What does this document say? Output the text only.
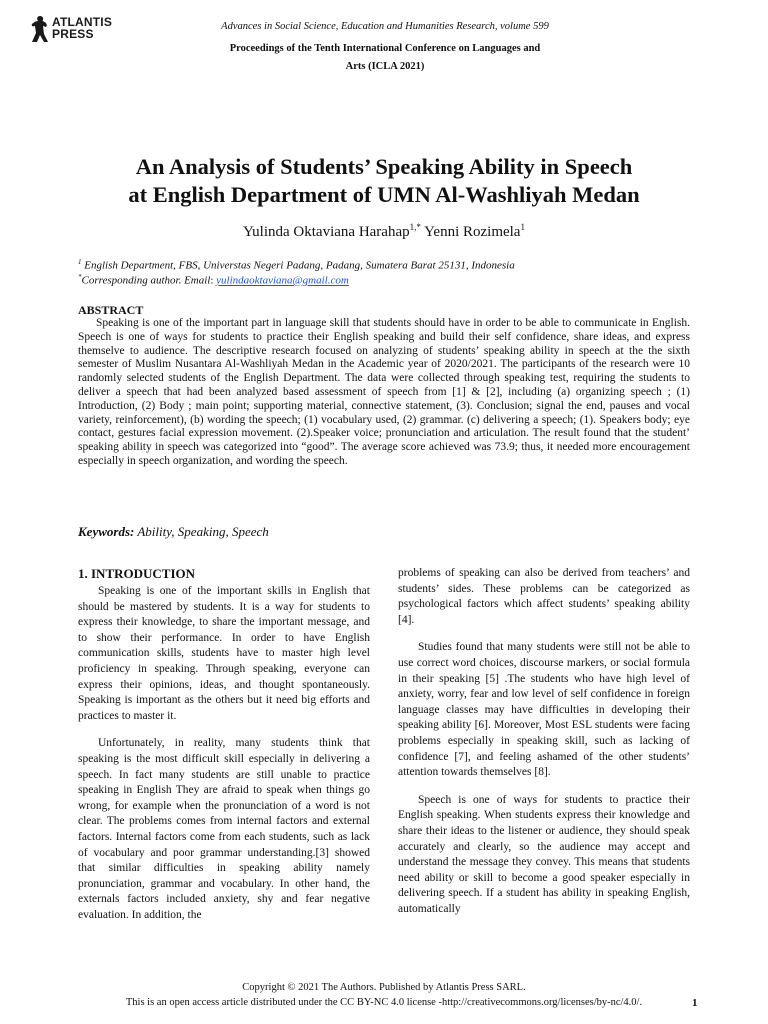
ATLANTIS
PRESS
Advances in Social Science, Education and Humanities Research, volume 599
Proceedings of the Tenth International Conference on Languages and
Arts (ICLA 2021)
An Analysis of Students’ Speaking Ability in Speech
at English Department of UMN Al-Washliyah Medan
Yulinda Oktaviana Harahap$^{1,*}$ Yenni Rozimela$^1$
$^1$ English Department, FBS, Universtas Negeri Padang, Padang, Sumatera Barat 25131, Indonesia
*Corresponding author. Email: yulindaoktaviana@gmail.com
ABSTRACT

Speaking is one of the important part in language skill that students should have in order to be able to communicate in English. Speech is one of ways for students to practice their English speaking and build their self confidence, share ideas, and express themselve to audience. The descriptive research focused on analyzing of students’ speaking ability in speech at the the sixth semester of Muslim Nusantara Al-Washliyah Medan in the Academic year of 2020/2021. The participants of the research were 10 randomly selected students of the English Department. The data were collected through speaking test, requiring the students to deliver a speech that had been analyzed based assessment of speech from [1] & [2], including (a) organizing speech ; (1) Introduction, (2) Body ; main point; supporting material, connective statement, (3). Conclusion; signal the end, pauses and vocal variety, reinforcement), (b) wording the speech; (1) vocabulary used, (2) grammar. (c) delivering a speech; (1). Speakers body; eye contact, gestures facial expression movement. (2).Speaker voice; pronunciation and articulation. The result found that the student’ speaking ability in speech was categorized into “good”. The average score achieved was 73.9; thus, it needed more encouragement especially in speech organization, and wording the speech.

Keywords: Ability, Speaking, Speech
1. INTRODUCTION

Speaking is one of the important skills in English that should be mastered by students. It is a way for students to express their knowledge, to share the important message, and to show their performance. In order to have English communication skills, students have to master high level proficiency in speaking. Through speaking, everyone can express their opinions, ideas, and thought spontaneously. Speaking is important as the others but it need big efforts and practices to master it.

Unfortunately, in reality, many students think that speaking is the most difficult skill especially in delivering a speech. In fact many students are still unable to practice speaking in English They are afraid to speak when things go wrong, for example when the pronunciation of a word is not clear. The problems comes from internal factors and external factors. Internal factors come from each students, such as lack of vocabulary and poor grammar understanding.[3] showed that similar difficulties in speaking ability namely pronunciation, grammar and vocabulary. In other hand, the externals factors included anxiety, shy and fear negative evaluation. In addition, the

problems of speaking can also be derived from teachers’ and students’ sides. These problems can be categorized as psychological factors which affect students’ speaking ability [4].

Studies found that many students were still not be able to use correct word choices, discourse markers, or social formula in their speaking [5] .The students who have high level of anxiety, worry, fear and low level of self confidence in foreign language classes may have difficulties in developing their speaking ability [6]. Moreover, Most ESL students were facing problems especially in speaking skill, such as lacking of confidence [7], and feeling ashamed of the other students’ attention towards themselves [8].

Speech is one of ways for students to practice their English speaking. When students express their knowledge and share their ideas to the listener or audience, they should speak accurately and clearly, so the audience may accept and understand the message they convey. This means that students need ability or skill to become a good speaker especially in delivering speech. If a student has ability in speaking English, automatically

Copyright © 2021 The Authors. Published by Atlantis Press SARL.
This is an open access article distributed under the CC BY-NC 4.0 license -http://creativecommons.org/licenses/by-nc/4.0/.	1
